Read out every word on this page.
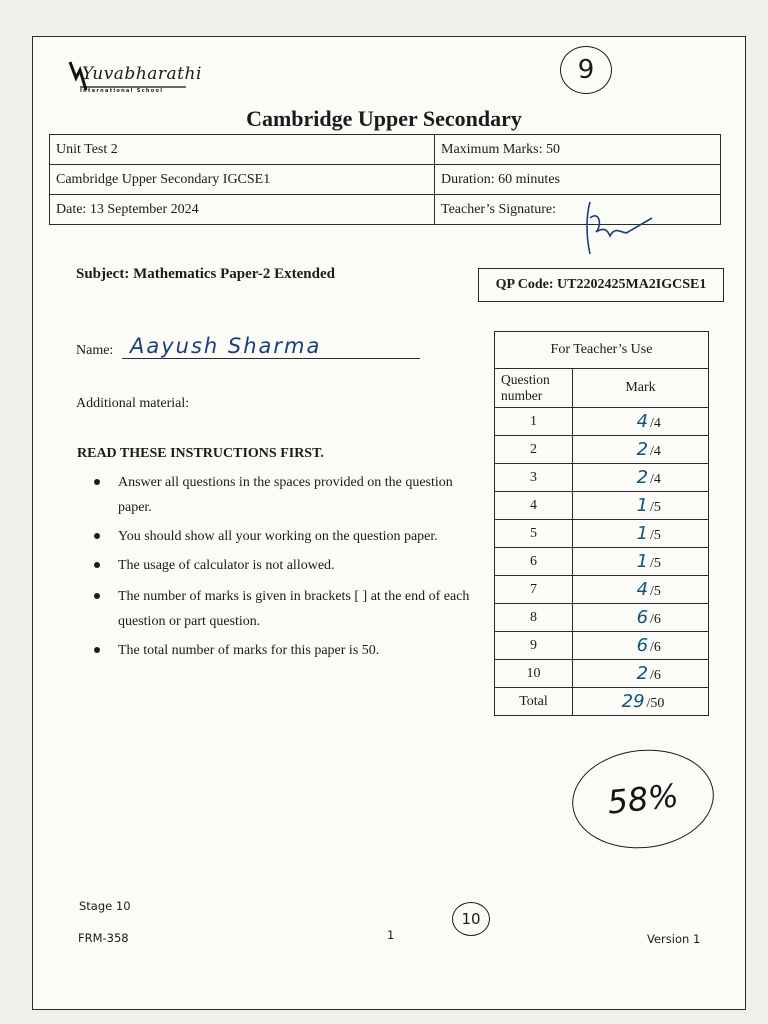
Yuvabharathi
International School
9
Cambridge Upper Secondary
Unit Test 2	Maximum Marks: 50
Cambridge Upper Secondary IGCSE1	Duration: 60 minutes
Date: 13 September 2024	Teacher’s Signature:
Subject: Mathematics Paper-2 Extended
QP Code: UT2202425MA2IGCSE1
Name: Aayush Sharma
Additional material:
READ THESE INSTRUCTIONS FIRST.
Answer all questions in the spaces provided on the question paper.
You should show all your working on the question paper.
The usage of calculator is not allowed.
The number of marks is given in brackets [ ] at the end of each question or part question.
The total number of marks for this paper is 50.
For Teacher’s Use	
Question number	Mark
1	4 /4
2	2 /4
3	2 /4
4	1 /5
5	1 /5
6	1 /5
7	4 /5
8	6 /6
9	6 /6
10	2 /6
Total	29 /50
58%
10
Stage 10
FRM-358	1	Version 1
